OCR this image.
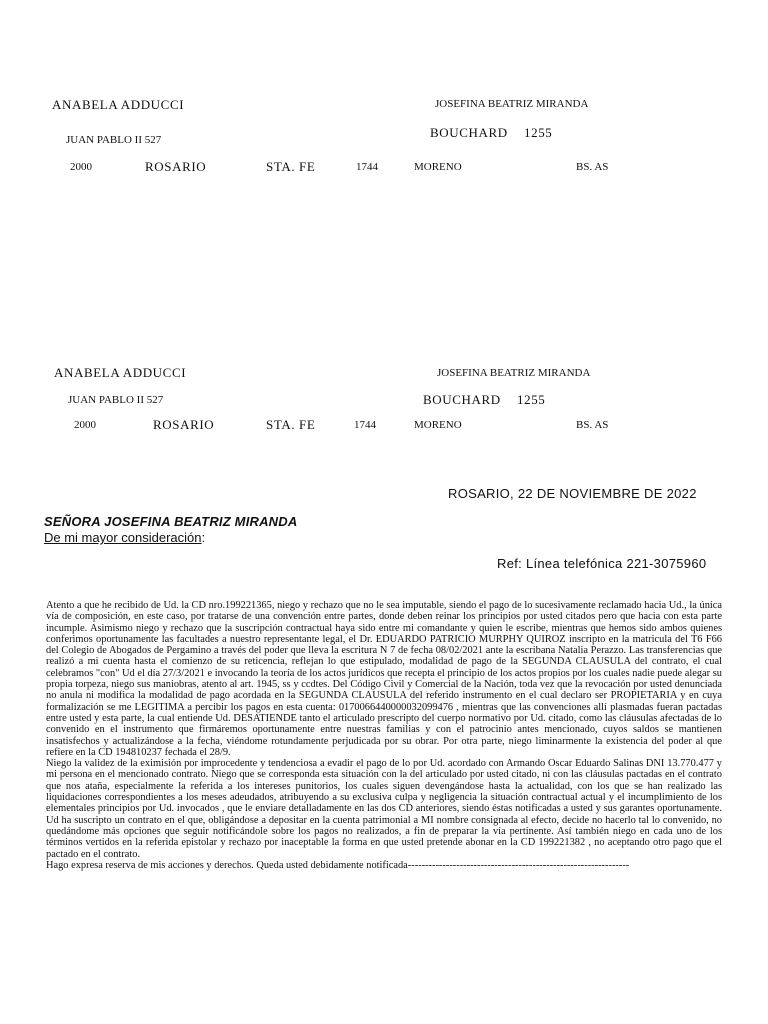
ANABELA ADDUCCI
JUAN PABLO II 527
2000	ROSARIO	STA. FE	1744	MORENO	BS. AS
JOSEFINA BEATRIZ MIRANDA
BOUCHARD 1255
ANABELA ADDUCCI
JUAN PABLO II 527
2000	ROSARIO	STA. FE	1744	MORENO	BS. AS
JOSEFINA BEATRIZ MIRANDA
BOUCHARD 1255
ROSARIO, 22 DE NOVIEMBRE DE 2022
SEÑORA JOSEFINA BEATRIZ MIRANDA
De mi mayor consideración:
Ref: Línea telefónica 221-3075960

Atento a que he recibido de Ud. la CD nro.199221365, niego y rechazo que no le sea imputable, siendo el pago de lo sucesivamente reclamado hacia Ud., la única vía de composición, en este caso, por tratarse de una convención entre partes, donde deben reinar los principios por usted citados pero que hacia con esta parte incumple. Asimismo niego y rechazo que la suscripción contractual haya sido entre mi comandante y quien le escribe, mientras que hemos sido ambos quienes conferimos oportunamente las facultades a nuestro representante legal, el Dr. EDUARDO PATRICIO MURPHY QUIROZ inscripto en la matricula del T6 F66 del Colegio de Abogados de Pergamino a través del poder que lleva la escritura N 7 de fecha 08/02/2021 ante la escribana Natalia Perazzo. Las transferencias que realizó a mi cuenta hasta el comienzo de su reticencia, reflejan lo que estipulado, modalidad de pago de la SEGUNDA CLAUSULA del contrato, el cual celebramos "con" Ud el día 27/3/2021 e invocando la teoría de los actos jurídicos que recepta el principio de los actos propios por los cuales nadie puede alegar su propia torpeza, niego sus maniobras, atento al art. 1945, ss y ccdtes. Del Código Civil y Comercial de la Nación, toda vez que la revocación por usted denunciada no anula ni modifica la modalidad de pago acordada en la SEGUNDA CLAUSULA del referido instrumento en el cual declaro ser PROPIETARIA y en cuya formalización se me LEGITIMA a percibir los pagos en esta cuenta: 0170066440000032099476 , mientras que las convenciones allí plasmadas fueran pactadas entre usted y esta parte, la cual entiende Ud. DESATIENDE tanto el articulado prescripto del cuerpo normativo por Ud. citado, como las cláusulas afectadas de lo convenido en el instrumento que firmáremos oportunamente entre nuestras familias y con el patrocinio antes mencionado, cuyos saldos se mantienen insatisfechos y actualizándose a la fecha, viéndome rotundamente perjudicada por su obrar. Por otra parte, niego liminarmente la existencia del poder al que refiere en la CD 194810237 fechada el 28/9.

Niego la validez de la eximisión por improcedente y tendenciosa a evadir el pago de lo por Ud. acordado con Armando Oscar Eduardo Salinas DNI 13.770.477 y mi persona en el mencionado contrato. Niego que se corresponda esta situación con la del articulado por usted citado, ni con las cláusulas pactadas en el contrato que nos ataña, especialmente la referida a los intereses punitorios, los cuales siguen devengándose hasta la actualidad, con los que se han realizado las liquidaciones correspondientes a los meses adeudados, atribuyendo a su exclusiva culpa y negligencia la situación contractual actual y el incumplimiento de los elementales principios por Ud. invocados , que le enviare detalladamente en las dos CD anteriores, siendo éstas notificadas a usted y sus garantes oportunamente. Ud ha suscripto un contrato en el que, obligándose a depositar en la cuenta patrimonial a MI nombre consignada al efecto, decide no hacerlo tal lo convenido, no quedándome más opciones que seguir notificándole sobre los pagos no realizados, a fin de preparar la vía pertinente. Así también niego en cada uno de los términos vertidos en la referida epistolar y rechazo por inaceptable la forma en que usted pretende abonar en la CD 199221382 , no aceptando otro pago que el pactado en el contrato.

Hago expresa reserva de mis acciones y derechos. Queda usted debidamente notificada----------------------------------------------------------------
